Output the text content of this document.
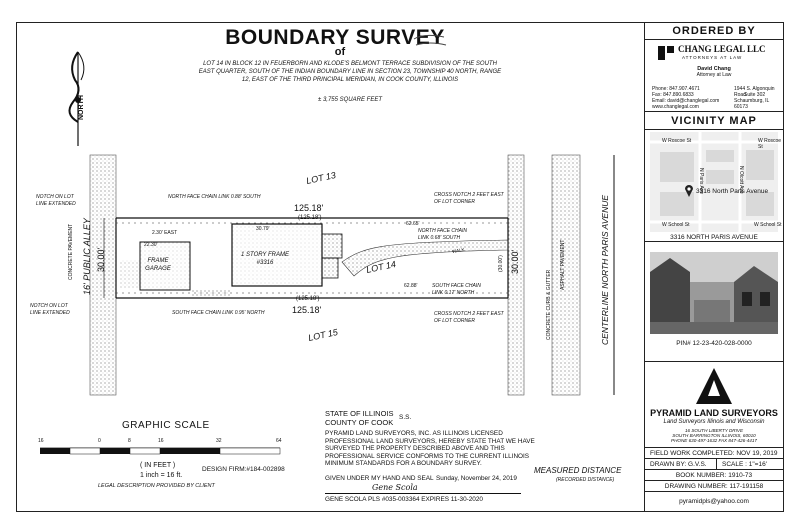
BOUNDARY SURVEY
of
LOT 14 IN BLOCK 12 IN FEUERBORN AND KLODE'S BELMONT TERRACE SUBDIVISION OF THE SOUTH EAST QUARTER, SOUTH OF THE INDIAN BOUNDARY LINE IN SECTION 23, TOWNSHIP 40 NORTH, RANGE 12, EAST OF THE THIRD PRINCIPAL MERIDIAN, IN COOK COUNTY, ILLINOIS
± 3,755 SQUARE FEET
NORTH
LOT 13
LOT 14
LOT 15
125.18'
(125.18')
(125.18')
125.18'
30.00'
16' PUBLIC ALLEY
CONCRETE PAVEMENT	(30.00') 30.00'
CONCRETE CURB & GUTTER
ASPHALT PAVEMENT	CENTERLINE NORTH PARIS AVENUE
FRAME GARAGE
1 STORY FRAME #3316
22.30'
30.79'
2.30' EAST
62.65'
62.88'
WALK
NOTCH ON LOT LINE EXTENDED
NOTCH ON LOT LINE EXTENDED
NORTH FACE CHAIN LINK 0.88' SOUTH
SOUTH FACE CHAIN LINK 0.95' NORTH
CROSS NOTCH 2 FEET EAST OF LOT CORNER
CROSS NOTCH 2 FEET EAST OF LOT CORNER
NORTH FACE CHAIN LINK 0.68' SOUTH
SOUTH FACE CHAIN LINK 0.17' NORTH
GRAPHIC SCALE
16	0	8	16	32	64
( IN FEET )
1 inch = 16 ft.
DESIGN FIRM:#184-002898
LEGAL DESCRIPTION PROVIDED BY CLIENT
STATE OF ILLINOIS
COUNTY OF COOK
S.S.
PYRAMID LAND SURVEYORS, INC. AS ILLINOIS LICENSED PROFESSIONAL LAND SURVEYORS, HEREBY STATE THAT WE HAVE SURVEYED THE PROPERTY DESCRIBED ABOVE AND THIS PROFESSIONAL SERVICE CONFORMS TO THE CURRENT ILLINOIS MINIMUM STANDARDS FOR A BOUNDARY SURVEY.
GIVEN UNDER MY HAND AND SEAL Sunday, November 24, 2019
Gene Scola
GENE SCOLA PLS #035-003364 EXPIRES 11-30-2020
MEASURED DISTANCE
(RECORDED DISTANCE)
ORDERED BY
CHANG LEGAL LLC
ATTORNEYS AT LAW
David Chang
Attorney at Law
Phone: 847.907.4671
Fax: 847.890.6833
Email: david@changlegal.com
www.changlegal.com
1944 S. Algonquin Road
Suite 302
Schaumburg, IL 60173
VICINITY MAP
W Roscoe St	W Roscoe St
W School St	W School St
N Paris Ave	N Olcott Ave
3316 North Paris Avenue
3316 NORTH PARIS AVENUE
PIN# 12-23-420-028-0000
PYRAMID LAND SURVEYORS
Land Surveyors Illinois and Wisconsin
16 SOUTH LIBERTY DRIVE
SOUTH BARRINGTON ILLINOIS, 60010
PHONE 630-497-1632 FAX 847-426-4417
FIELD WORK COMPLETED: NOV 19, 2019
DRAWN BY: G.V.S. SCALE : 1"=16'
BOOK NUMBER: 1910-73
DRAWING NUMBER: 117-191158
pyramidpls@yahoo.com
